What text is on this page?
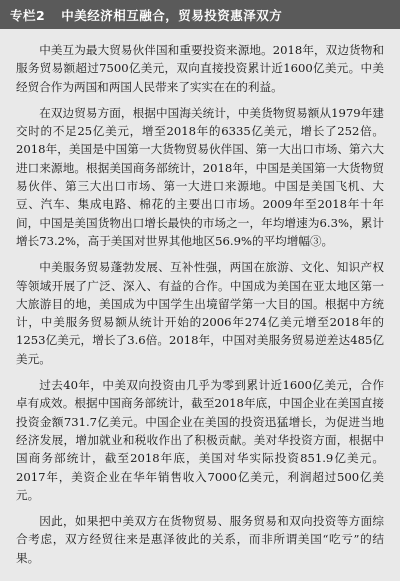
专栏2 中美经济相互融合，贸易投资惠泽双方

中美互为最大贸易伙伴国和重要投资来源地。2018年，双边货物和服务贸易额超过7500亿美元，双向直接投资累计近1600亿美元。中美经贸合作为两国和两国人民带来了实实在在的利益。

在双边贸易方面，根据中国海关统计，中美货物贸易额从1979年建交时的不足25亿美元，增至2018年的6335亿美元，增长了252倍。2018年，美国是中国第一大货物贸易伙伴国、第一大出口市场、第六大进口来源地。根据美国商务部统计，2018年，中国是美国第一大货物贸易伙伴、第三大出口市场、第一大进口来源地。中国是美国飞机、大豆、汽车、集成电路、棉花的主要出口市场。2009年至2018年十年间，中国是美国货物出口增长最快的市场之一，年均增速为6.3%，累计增长73.2%，高于美国对世界其他地区56.9%的平均增幅③。

中美服务贸易蓬勃发展、互补性强，两国在旅游、文化、知识产权等领域开展了广泛、深入、有益的合作。中国成为美国在亚太地区第一大旅游目的地，美国成为中国学生出境留学第一大目的国。根据中方统计，中美服务贸易额从统计开始的2006年274亿美元增至2018年的1253亿美元，增长了3.6倍。2018年，中国对美服务贸易逆差达485亿美元。

过去40年，中美双向投资由几乎为零到累计近1600亿美元，合作卓有成效。根据中国商务部统计，截至2018年底，中国企业在美国直接投资金额731.7亿美元。中国企业在美国的投资迅猛增长，为促进当地经济发展，增加就业和税收作出了积极贡献。美对华投资方面，根据中国商务部统计，截至2018年底，美国对华实际投资851.9亿美元。2017年，美资企业在华年销售收入7000亿美元，利润超过500亿美元。

因此，如果把中美双方在货物贸易、服务贸易和双向投资等方面综合考虑，双方经贸往来是惠泽彼此的关系，而非所谓美国“吃亏”的结果。
